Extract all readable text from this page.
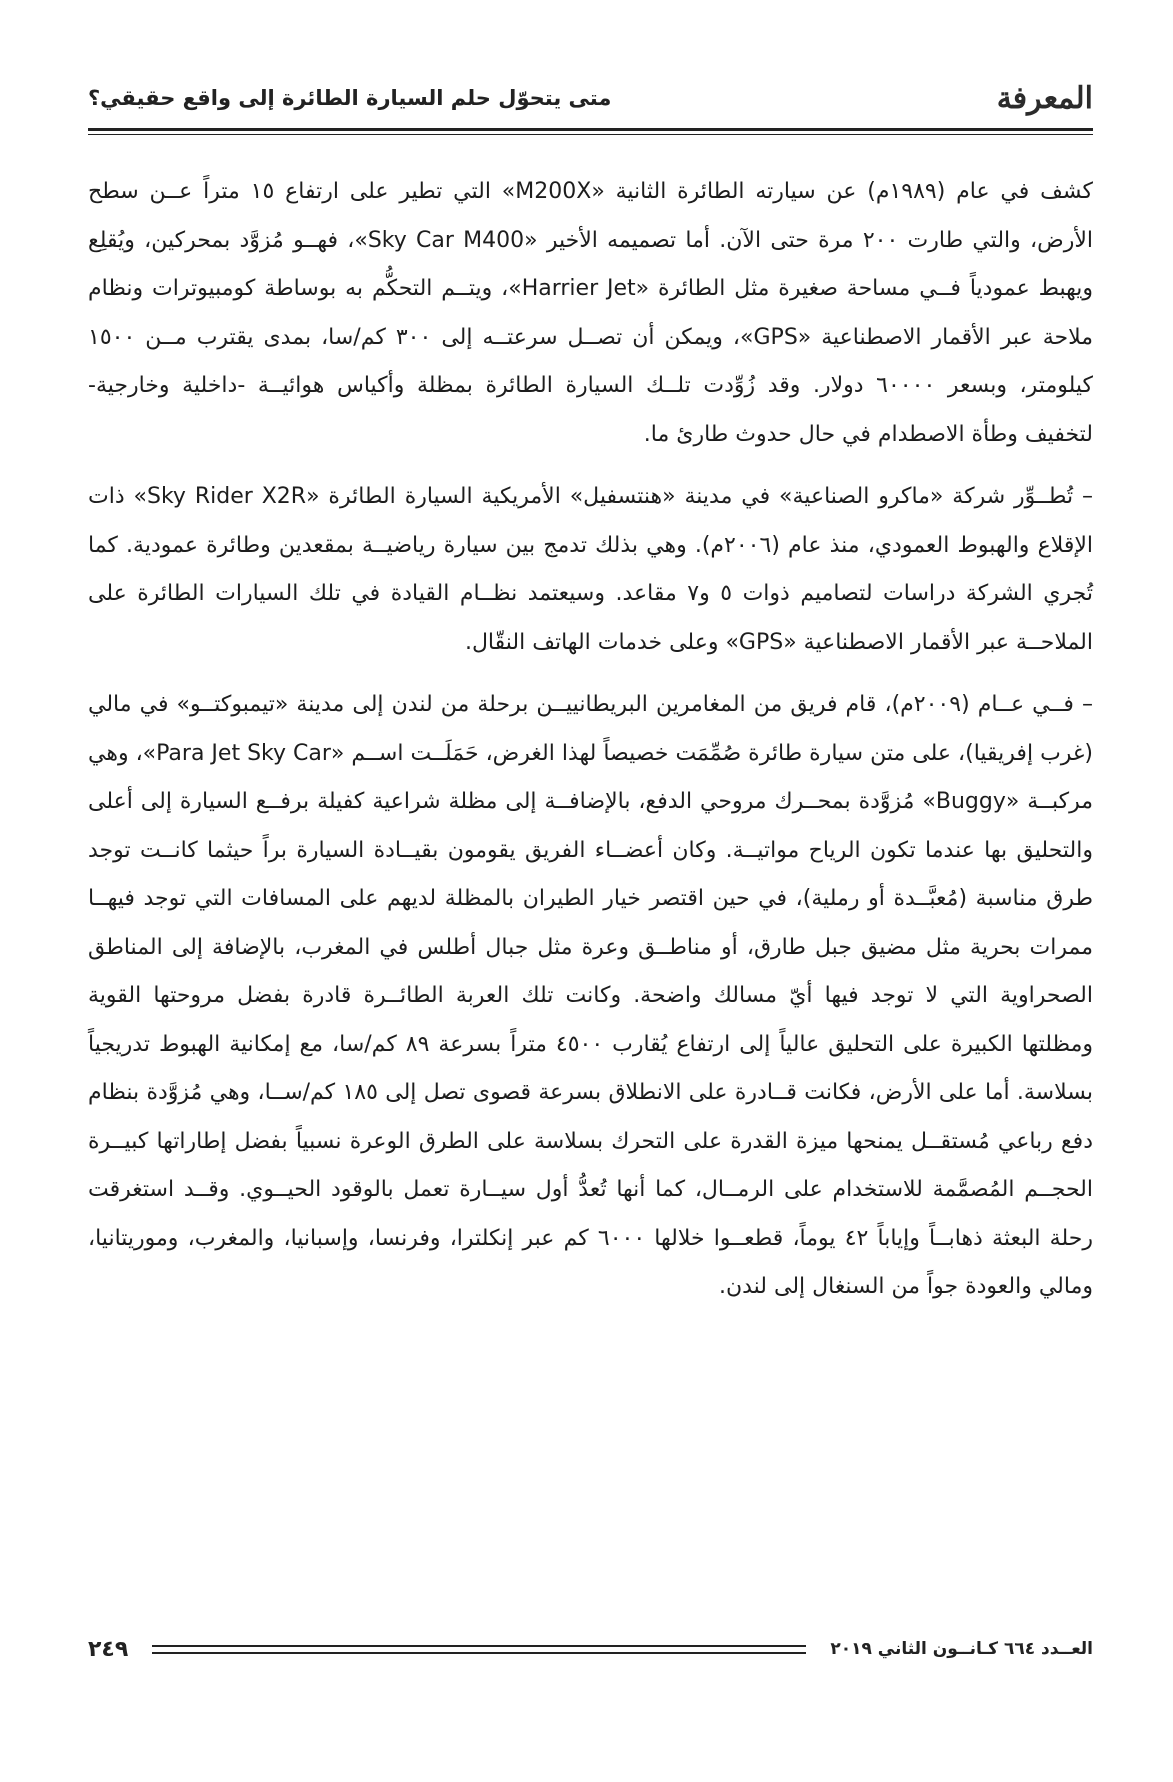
المعرفة
متى يتحوّل حلم السيارة الطائرة إلى واقع حقيقي؟

كشف في عام (١٩٨٩م) عن سيارته الطائرة الثانية «M200X» التي تطير على ارتفاع ١٥ متراً عــن سطح الأرض، والتي طارت ٢٠٠ مرة حتى الآن. أما تصميمه الأخير «Sky Car M400»، فهــو مُزوَّد بمحركين، ويُقلِع ويهبط عمودياً فــي مساحة صغيرة مثل الطائرة «Harrier Jet»، ويتــم التحكُّم به بوساطة كومبيوترات ونظام ملاحة عبر الأقمار الاصطناعية «GPS»، ويمكن أن تصــل سرعتــه إلى ٣٠٠ كم/سا، بمدى يقترب مــن ١٥٠٠ كيلومتر، وبسعر ٦٠٠٠٠ دولار. وقد زُوِّدت تلــك السيارة الطائرة بمظلة وأكياس هوائيــة -داخلية وخارجية- لتخفيف وطأة الاصطدام في حال حدوث طارئ ما.

– تُطــوِّر شركة «ماكرو الصناعية» في مدينة «هنتسفيل» الأمريكية السيارة الطائرة «Sky Rider X2R» ذات الإقلاع والهبوط العمودي، منذ عام (٢٠٠٦م). وهي بذلك تدمج بين سيارة رياضيــة بمقعدين وطائرة عمودية. كما تُجري الشركة دراسات لتصاميم ذوات ٥ و٧ مقاعد. وسيعتمد نظــام القيادة في تلك السيارات الطائرة على الملاحــة عبر الأقمار الاصطناعية «GPS» وعلى خدمات الهاتف النقّال.

– فــي عــام (٢٠٠٩م)، قام فريق من المغامرين البريطانييــن برحلة من لندن إلى مدينة «تيمبوكتــو» في مالي (غرب إفريقيا)، على متن سيارة طائرة صُمِّمَت خصيصاً لهذا الغرض، حَمَلَــت اســم «Para Jet Sky Car»، وهي مركبــة «Buggy» مُزوَّدة بمحــرك مروحي الدفع، بالإضافــة إلى مظلة شراعية كفيلة برفــع السيارة إلى أعلى والتحليق بها عندما تكون الرياح مواتيــة. وكان أعضــاء الفريق يقومون بقيــادة السيارة براً حيثما كانــت توجد طرق مناسبة (مُعبَّــدة أو رملية)، في حين اقتصر خيار الطيران بالمظلة لديهم على المسافات التي توجد فيهــا ممرات بحرية مثل مضيق جبل طارق، أو مناطــق وعرة مثل جبال أطلس في المغرب، بالإضافة إلى المناطق الصحراوية التي لا توجد فيها أيّ مسالك واضحة. وكانت تلك العربة الطائــرة قادرة بفضل مروحتها القوية ومظلتها الكبيرة على التحليق عالياً إلى ارتفاع يُقارب ٤٥٠٠ متراً بسرعة ٨٩ كم/سا، مع إمكانية الهبوط تدريجياً بسلاسة. أما على الأرض، فكانت قــادرة على الانطلاق بسرعة قصوى تصل إلى ١٨٥ كم/ســا، وهي مُزوَّدة بنظام دفع رباعي مُستقــل يمنحها ميزة القدرة على التحرك بسلاسة على الطرق الوعرة نسبياً بفضل إطاراتها كبيــرة الحجــم المُصمَّمة للاستخدام على الرمــال، كما أنها تُعدُّ أول سيــارة تعمل بالوقود الحيــوي. وقــد استغرقت رحلة البعثة ذهابــاً وإياباً ٤٢ يوماً، قطعــوا خلالها ٦٠٠٠ كم عبر إنكلترا، وفرنسا، وإسبانيا، والمغرب، وموريتانيا، ومالي والعودة جواً من السنغال إلى لندن.

العــدد ٦٦٤ كـانــون الثاني ٢٠١٩
٢٤٩
